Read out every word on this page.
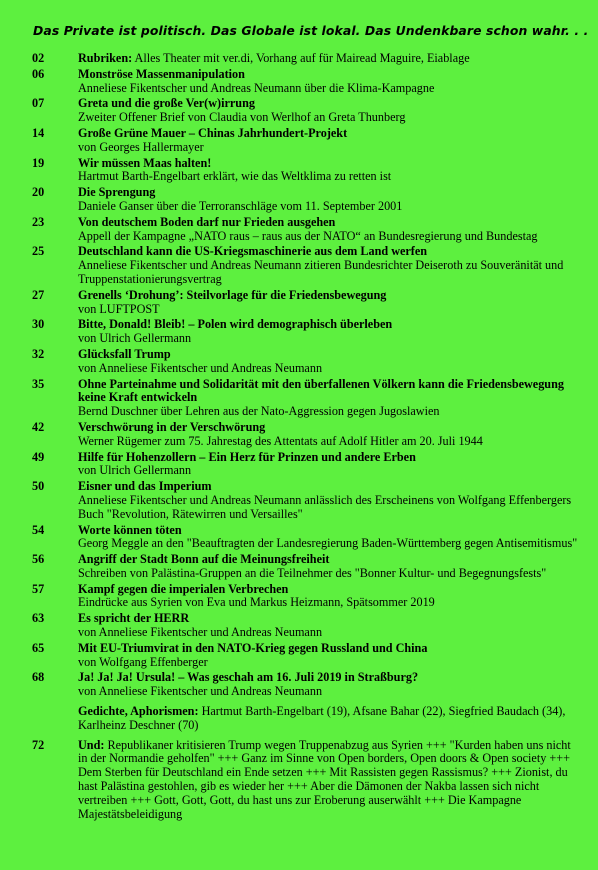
Das Private ist politisch. Das Globale ist lokal. Das Undenkbare schon wahr. . .
02	Rubriken: Alles Theater mit ver.di, Vorhang auf für Mairead Maguire, Eiablage
06	Monströse Massenmanipulation
Anneliese Fikentscher und Andreas Neumann über die Klima-Kampagne
07	Greta und die große Ver(w)irrung
Zweiter Offener Brief von Claudia von Werlhof an Greta Thunberg
14	Große Grüne Mauer – Chinas Jahrhundert-Projekt
von Georges Hallermayer
19	Wir müssen Maas halten!
Hartmut Barth-Engelbart erklärt, wie das Weltklima zu retten ist
20	Die Sprengung
Daniele Ganser über die Terroranschläge vom 11. September 2001
23	Von deutschem Boden darf nur Frieden ausgehen
Appell der Kampagne „NATO raus – raus aus der NATO“ an Bundesregierung und Bundestag
25	Deutschland kann die US-Kriegsmaschinerie aus dem Land werfen
Anneliese Fikentscher und Andreas Neumann zitieren Bundesrichter Deiseroth zu Souveränität und Truppenstationierungsvertrag
27	Grenells ‘Drohung’: Steilvorlage für die Friedensbewegung
von LUFTPOST
30	Bitte, Donald! Bleib! – Polen wird demographisch überleben
von Ulrich Gellermann
32	Glücksfall Trump
von Anneliese Fikentscher und Andreas Neumann
35	Ohne Parteinahme und Solidarität mit den überfallenen Völkern kann die Friedensbewegung keine Kraft entwickeln
Bernd Duschner über Lehren aus der Nato-Aggression gegen Jugoslawien
42	Verschwörung in der Verschwörung
Werner Rügemer zum 75. Jahrestag des Attentats auf Adolf Hitler am 20. Juli 1944
49	Hilfe für Hohenzollern – Ein Herz für Prinzen und andere Erben
von Ulrich Gellermann
50	Eisner und das Imperium
Anneliese Fikentscher und Andreas Neumann anlässlich des Erscheinens von Wolfgang Effenbergers Buch "Revolution, Rätewirren und Versailles"
54	Worte können töten
Georg Meggle an den "Beauftragten der Landesregierung Baden-Württemberg gegen Antisemitismus"
56	Angriff der Stadt Bonn auf die Meinungsfreiheit
Schreiben von Palästina-Gruppen an die Teilnehmer des "Bonner Kultur- und Begegnungsfests"
57	Kampf gegen die imperialen Verbrechen
Eindrücke aus Syrien von Eva und Markus Heizmann, Spätsommer 2019
63	Es spricht der HERR
von Anneliese Fikentscher und Andreas Neumann
65	Mit EU-Triumvirat in den NATO-Krieg gegen Russland und China
von Wolfgang Effenberger
68	Ja! Ja! Ja! Ursula! – Was geschah am 16. Juli 2019 in Straßburg?
von Anneliese Fikentscher und Andreas Neumann
Gedichte, Aphorismen: Hartmut Barth-Engelbart (19), Afsane Bahar (22), Siegfried Baudach (34), Karlheinz Deschner (70)
72	Und: Republikaner kritisieren Trump wegen Truppenabzug aus Syrien +++ "Kurden haben uns nicht in der Normandie geholfen" +++ Ganz im Sinne von Open borders, Open doors & Open society +++ Dem Sterben für Deutschland ein Ende setzen +++ Mit Rassisten gegen Rassismus? +++ Zionist, du hast Palästina gestohlen, gib es wieder her +++ Aber die Dämonen der Nakba lassen sich nicht vertreiben +++ Gott, Gott, Gott, du hast uns zur Eroberung auserwählt +++ Die Kampagne Majestätsbeleidigung
